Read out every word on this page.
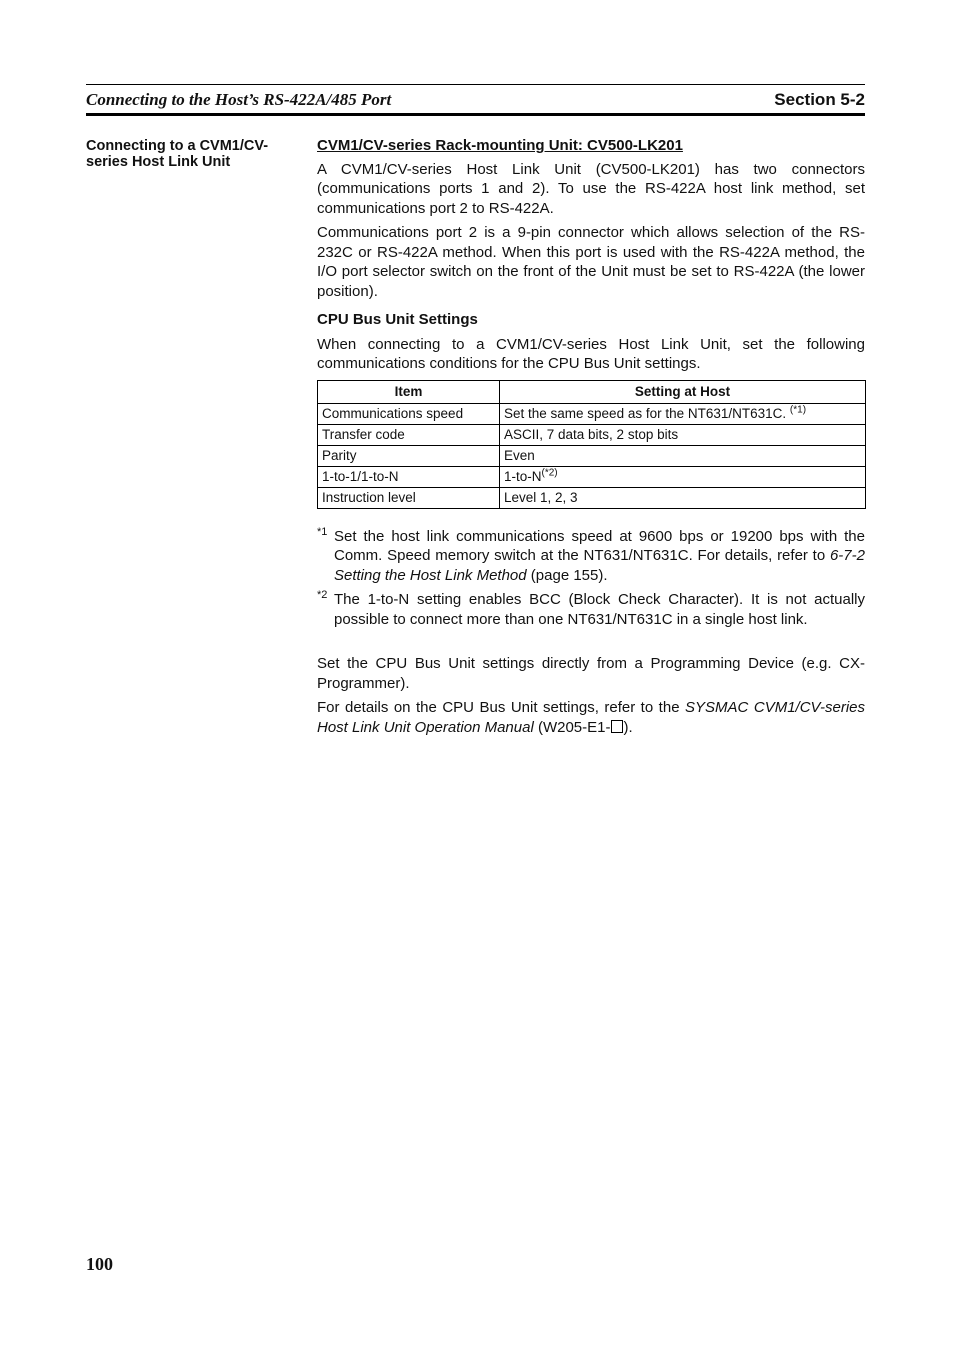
Connecting to the Host’s RS-422A/485 Port	Section 5-2
Connecting to a CVM1/CV-series Host Link Unit
CVM1/CV-series Rack-mounting Unit: CV500-LK201

A CVM1/CV-series Host Link Unit (CV500-LK201) has two connectors (communications ports 1 and 2). To use the RS-422A host link method, set communications port 2 to RS-422A.

Communications port 2 is a 9-pin connector which allows selection of the RS-232C or RS-422A method. When this port is used with the RS-422A method, the I/O port selector switch on the front of the Unit must be set to RS-422A (the lower position).

CPU Bus Unit Settings

When connecting to a CVM1/CV-series Host Link Unit, set the following communications conditions for the CPU Bus Unit settings.

Item	Setting at Host
Communications speed	Set the same speed as for the NT631/NT631C. $^{(*1)}$
Transfer code	ASCII, 7 data bits, 2 stop bits
Parity	Even
1-to-1/1-to-N	$1-to-N^{(*2)}$
Instruction level	Level 1, 2, 3

*1 Set the host link communications speed at 9600 bps or 19200 bps with the Comm. Speed memory switch at the NT631/NT631C. For details, refer to 6-7-2 Setting the Host Link Method (page 155).

*2 The 1-to-N setting enables BCC (Block Check Character). It is not actually possible to connect more than one NT631/NT631C in a single host link.

Set the CPU Bus Unit settings directly from a Programming Device (e.g. CX-Programmer).

For details on the CPU Bus Unit settings, refer to the SYSMAC CVM1/CV-series Host Link Unit Operation Manual (W205-E1- ).

100
